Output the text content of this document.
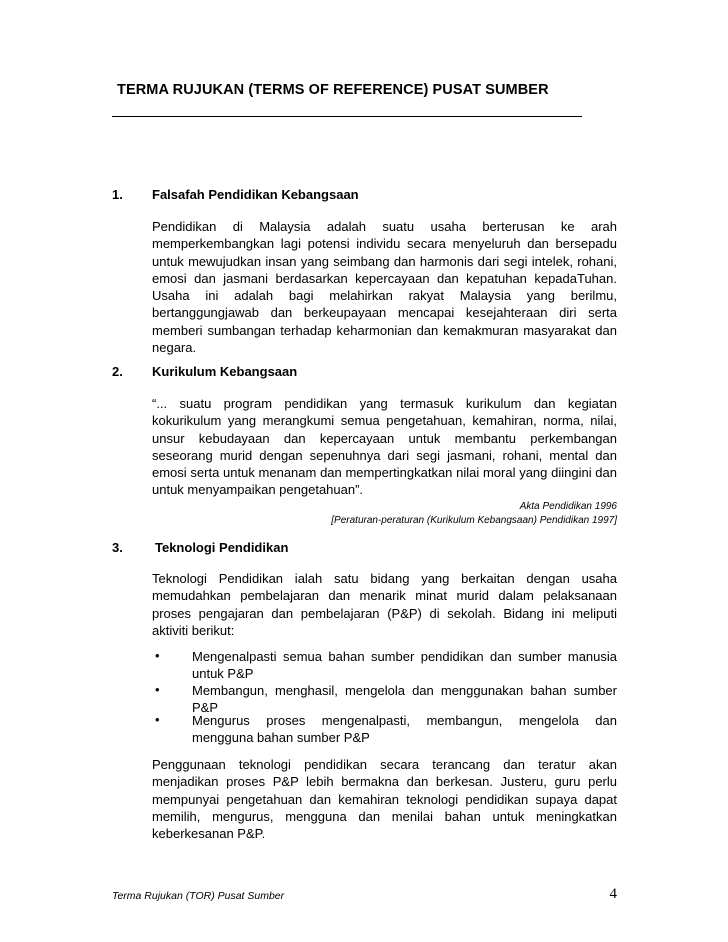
TERMA RUJUKAN (TERMS OF REFERENCE) PUSAT SUMBER
1. Falsafah Pendidikan Kebangsaan

Pendidikan di Malaysia adalah suatu usaha berterusan ke arah memperkembangkan lagi potensi individu secara menyeluruh dan bersepadu untuk mewujudkan insan yang seimbang dan harmonis dari segi intelek, rohani, emosi dan jasmani berdasarkan kepercayaan dan kepatuhan kepadaTuhan. Usaha ini adalah bagi melahirkan rakyat Malaysia yang berilmu, bertanggungjawab dan berkeupayaan mencapai kesejahteraan diri serta memberi sumbangan terhadap keharmonian dan kemakmuran masyarakat dan negara.

2. Kurikulum Kebangsaan

“... suatu program pendidikan yang termasuk kurikulum dan kegiatan kokurikulum yang merangkumi semua pengetahuan, kemahiran, norma, nilai, unsur kebudayaan dan kepercayaan untuk membantu perkembangan seseorang murid dengan sepenuhnya dari segi jasmani, rohani, mental dan emosi serta untuk menanam dan mempertingkatkan nilai moral yang diingini dan untuk menyampaikan pengetahuan”.

Akta Pendidikan 1996
[Peraturan-peraturan (Kurikulum Kebangsaan) Pendidikan 1997]
3. Teknologi Pendidikan

Teknologi Pendidikan ialah satu bidang yang berkaitan dengan usaha memudahkan pembelajaran dan menarik minat murid dalam pelaksanaan proses pengajaran dan pembelajaran (P&P) di sekolah. Bidang ini meliputi aktiviti berikut:

• Mengenalpasti semua bahan sumber pendidikan dan sumber manusia untuk P&P

• Membangun, menghasil, mengelola dan menggunakan bahan sumber P&P

• Mengurus proses mengenalpasti, membangun, mengelola dan mengguna bahan sumber P&P

Penggunaan teknologi pendidikan secara terancang dan teratur akan menjadikan proses P&P lebih bermakna dan berkesan. Justeru, guru perlu mempunyai pengetahuan dan kemahiran teknologi pendidikan supaya dapat memilih, mengurus, mengguna dan menilai bahan untuk meningkatkan keberkesanan P&P.

Terma Rujukan (TOR) Pusat Sumber	4
